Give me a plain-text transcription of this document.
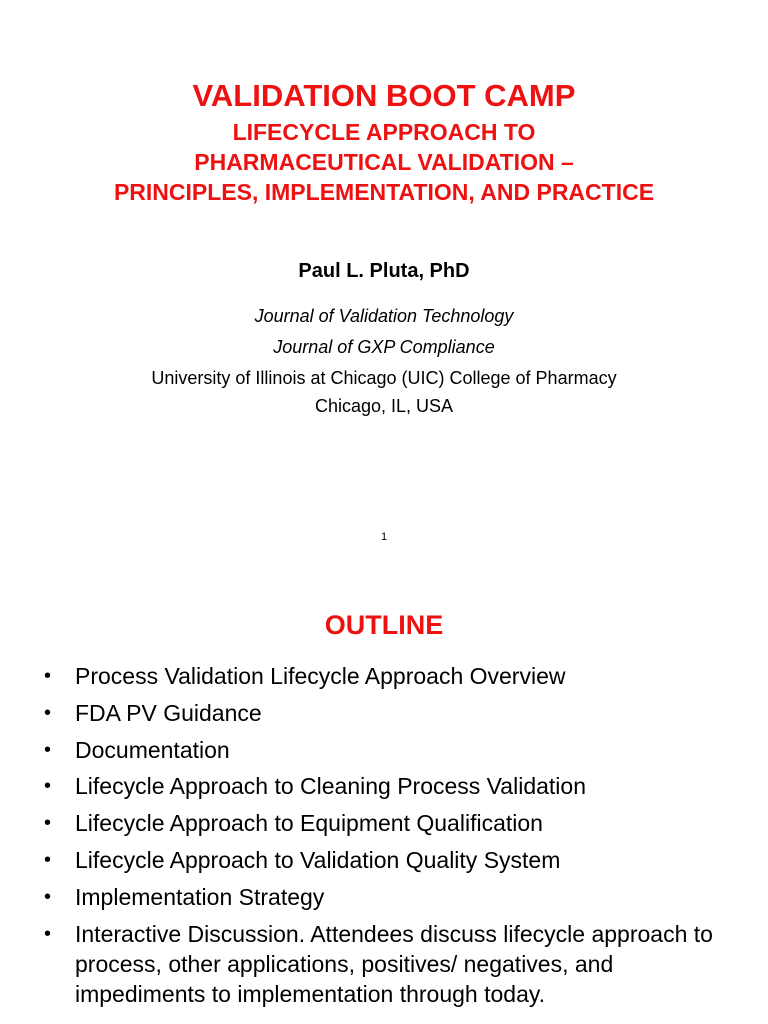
VALIDATION BOOT CAMP
LIFECYCLE APPROACH TO
PHARMACEUTICAL VALIDATION –
PRINCIPLES, IMPLEMENTATION, AND PRACTICE
Paul L. Pluta, PhD
Journal of Validation Technology
Journal of GXP Compliance
University of Illinois at Chicago (UIC) College of Pharmacy
Chicago, IL, USA
1
OUTLINE
• Process Validation Lifecycle Approach Overview
• FDA PV Guidance
• Documentation
• Lifecycle Approach to Cleaning Process Validation
• Lifecycle Approach to Equipment Qualification
• Lifecycle Approach to Validation Quality System
• Implementation Strategy
• Interactive Discussion. Attendees discuss lifecycle approach to process, other applications, positives/ negatives, and impediments to implementation through today.
